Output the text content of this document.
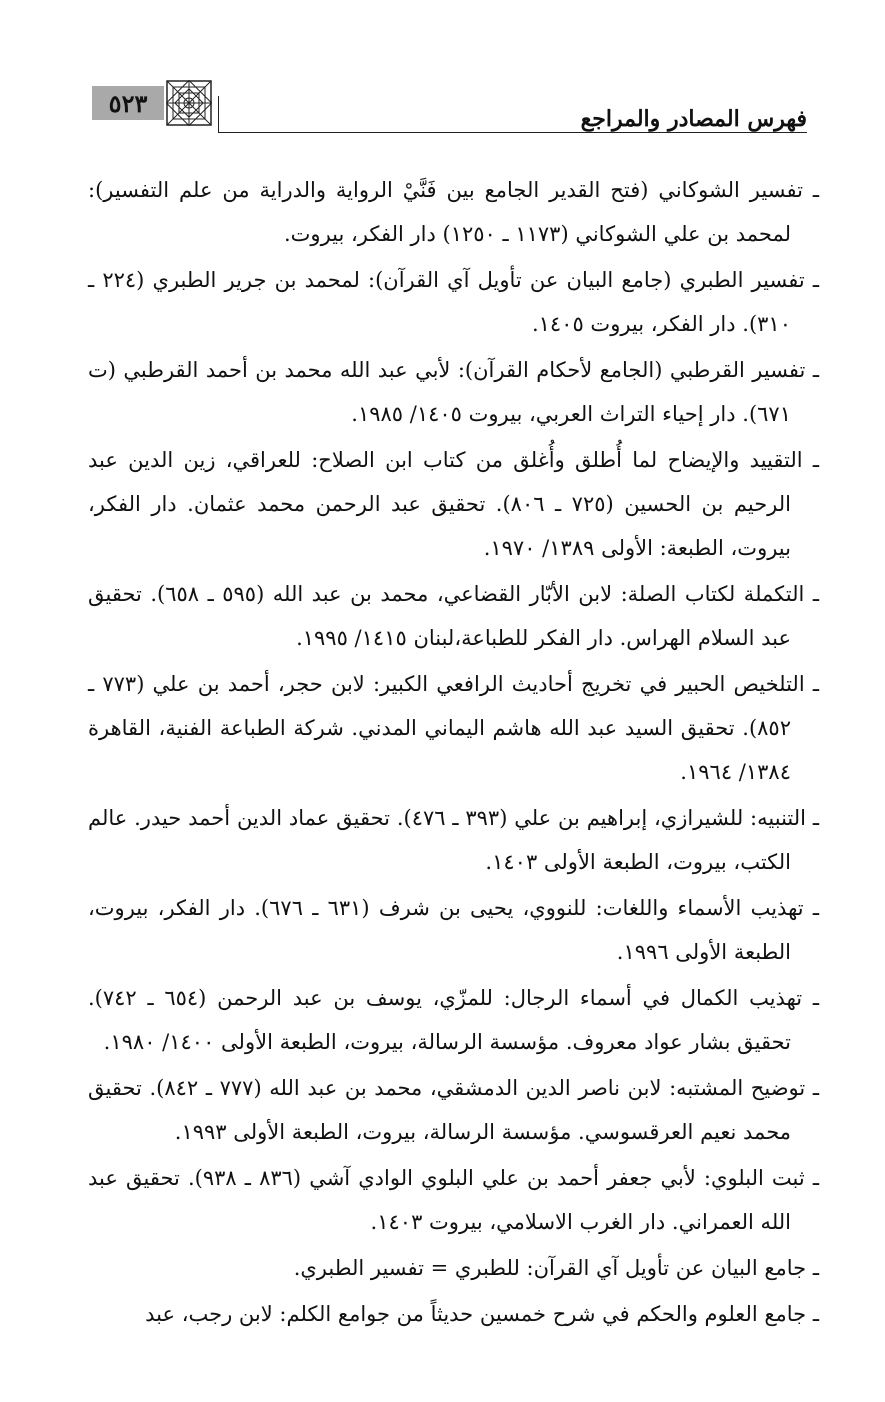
فهرس المصادر والمراجع
٥٢٣
ـ تفسير الشوكاني (فتح القدير الجامع بين فَنَّيْ الرواية والدراية من علم التفسير): لمحمد بن علي الشوكاني (١١٧٣ ـ ١٢٥٠) دار الفكر، بيروت.
ـ تفسير الطبري (جامع البيان عن تأويل آي القرآن): لمحمد بن جرير الطبري (٢٢٤ ـ ٣١٠). دار الفكر، بيروت ١٤٠٥.
ـ تفسير القرطبي (الجامع لأحكام القرآن): لأبي عبد الله محمد بن أحمد القرطبي (ت ٦٧١). دار إحياء التراث العربي، بيروت ١٤٠٥/ ١٩٨٥.
ـ التقييد والإيضاح لما أُطلق وأُغلق من كتاب ابن الصلاح: للعراقي، زين الدين عبد الرحيم بن الحسين (٧٢٥ ـ ٨٠٦). تحقيق عبد الرحمن محمد عثمان. دار الفكر، بيروت، الطبعة: الأولى ١٣٨٩/ ١٩٧٠.
ـ التكملة لكتاب الصلة: لابن الأبّار القضاعي، محمد بن عبد الله (٥٩٥ ـ ٦٥٨). تحقيق عبد السلام الهراس. دار الفكر للطباعة،لبنان ١٤١٥/ ١٩٩٥.
ـ التلخيص الحبير في تخريج أحاديث الرافعي الكبير: لابن حجر، أحمد بن علي (٧٧٣ ـ ٨٥٢). تحقيق السيد عبد الله هاشم اليماني المدني. شركة الطباعة الفنية، القاهرة ١٣٨٤/ ١٩٦٤.
ـ التنبيه: للشيرازي، إبراهيم بن علي (٣٩٣ ـ ٤٧٦). تحقيق عماد الدين أحمد حيدر. عالم الكتب، بيروت، الطبعة الأولى ١٤٠٣.
ـ تهذيب الأسماء واللغات: للنووي، يحيى بن شرف (٦٣١ ـ ٦٧٦). دار الفكر، بيروت، الطبعة الأولى ١٩٩٦.
ـ تهذيب الكمال في أسماء الرجال: للمزّي، يوسف بن عبد الرحمن (٦٥٤ ـ ٧٤٢). تحقيق بشار عواد معروف. مؤسسة الرسالة، بيروت، الطبعة الأولى ١٤٠٠/ ١٩٨٠.
ـ توضيح المشتبه: لابن ناصر الدين الدمشقي، محمد بن عبد الله (٧٧٧ ـ ٨٤٢). تحقيق محمد نعيم العرقسوسي. مؤسسة الرسالة، بيروت، الطبعة الأولى ١٩٩٣.
ـ ثبت البلوي: لأبي جعفر أحمد بن علي البلوي الوادي آشي (٨٣٦ ـ ٩٣٨). تحقيق عبد الله العمراني. دار الغرب الاسلامي، بيروت ١٤٠٣.
ـ جامع البيان عن تأويل آي القرآن: للطبري = تفسير الطبري.
ـ جامع العلوم والحكم في شرح خمسين حديثاً من جوامع الكلم: لابن رجب، عبد
